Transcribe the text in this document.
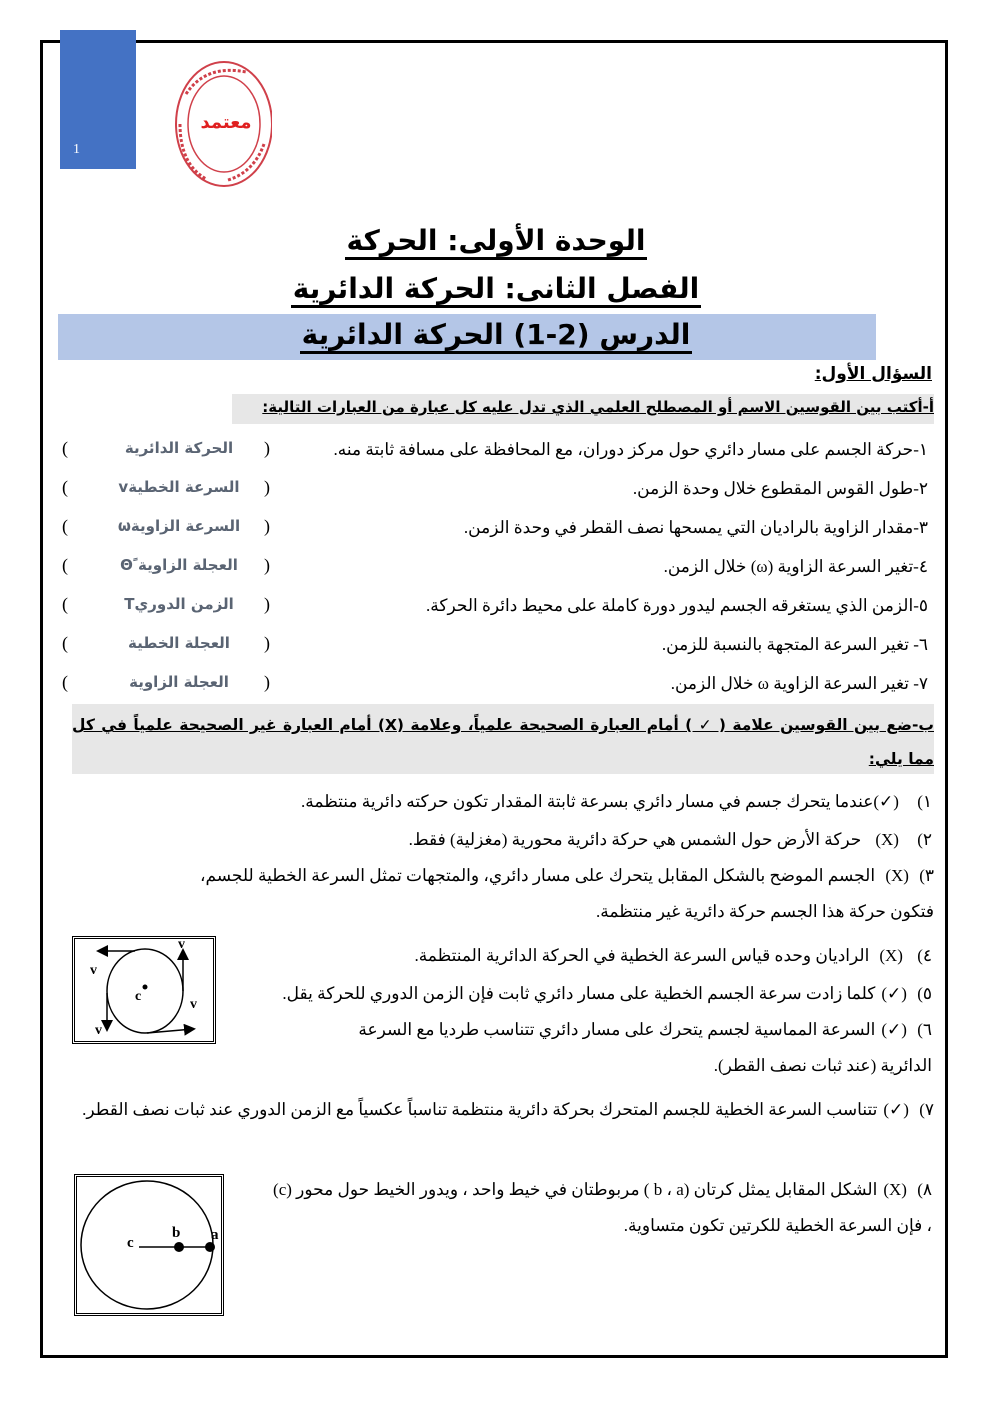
1
معتمد
الوحدة الأولى: الحركة
الفصل الثانى: الحركة الدائرية
الدرس (2-1) الحركة الدائرية
السؤال الأول:
أ-أكتب بين القوسين الاسم أو المصطلح العلمي الذي تدل عليه كل عبارة من العبارات التالية:
١-حركة الجسم على مسار دائري حول مركز دوران، مع المحافظة على مسافة ثابتة منه.
(
الحركة الدائرية
)
٢-طول القوس المقطوع خلال وحدة الزمن.
(
السرعة الخطيةv
)
٣-مقدار الزاوية بالراديان التي يمسحها نصف القطر في وحدة الزمن.
(
السرعة الزاويةω
)
٤-تغير السرعة الزاوية (ω) خلال الزمن.
(
العجلة الزاوية ًΘ
)
٥-الزمن الذي يستغرقه الجسم ليدور دورة كاملة على محيط دائرة الحركة.
(
الزمن الدوريT
)
٦- تغير السرعة المتجهة بالنسبة للزمن.
(
العجلة الخطية
)
٧- تغير السرعة الزاوية ω خلال الزمن.
(
العجلة الزاوية
)
ب-ضع بين القوسين علامة ( ✓ ) أمام العبارة الصحيحة علمياً، وعلامة (X) أمام العبارة غير الصحيحة علمياً في كل مما يلي:
١) (✓)عندما يتحرك جسم في مسار دائري بسرعة ثابتة المقدار تكون حركته دائرية منتظمة.
٢) (X)حركة الأرض حول الشمس هي حركة دائرية محورية (مغزلية) فقط.
٣) (X) الجسم الموضح بالشكل المقابل يتحرك على مسار دائري، والمتجهات تمثل السرعة الخطية للجسم، فتكون حركة هذا الجسم حركة دائرية غير منتظمة.
c
v
v
v
v
٤) (X)الراديان وحده قياس السرعة الخطية في الحركة الدائرية المنتظمة.
٥) (✓)كلما زادت سرعة الجسم الخطية على مسار دائري ثابت فإن الزمن الدوري للحركة يقل.
٦) (✓)السرعة المماسية لجسم يتحرك على مسار دائري تتناسب طرديا مع السرعة الدائرية (عند ثبات نصف القطر).
٧) (✓)تتناسب السرعة الخطية للجسم المتحرك بحركة دائرية منتظمة تناسباً عكسياً مع الزمن الدوري عند ثبات نصف القطر.
c
b a
٨) (X)الشكل المقابل يمثل كرتان (b ، a ) مربوطتان في خيط واحد ، ويدور الخيط حول محور (c) ، فإن السرعة الخطية للكرتين تكون متساوية.
